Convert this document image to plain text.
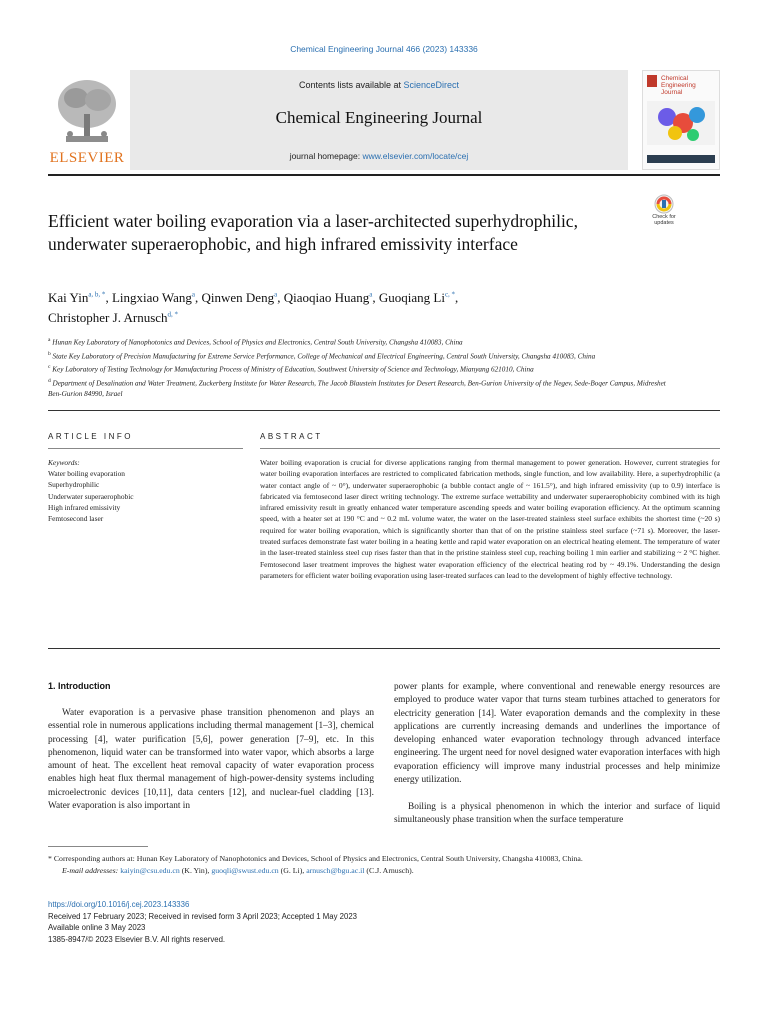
Chemical Engineering Journal 466 (2023) 143336
ELSEVIER
Contents lists available at ScienceDirect
Chemical Engineering Journal
journal homepage: www.elsevier.com/locate/cej
Chemical
Engineering
Journal
Check for
updates
Efficient water boiling evaporation via a laser-architected superhydrophilic, underwater superaerophobic, and high infrared emissivity interface
Kai Yin$^{a, b, *}$, Lingxiao Wang$^a$, Qinwen Deng$^a$, Qiaoqiao Huang$^a$, Guoqiang Li$^{c, *}$,
Christopher J. Arnusch$^{d, *}$
$^a$ Hunan Key Laboratory of Nanophotonics and Devices, School of Physics and Electronics, Central South University, Changsha 410083, China
$^b$ State Key Laboratory of Precision Manufacturing for Extreme Service Performance, College of Mechanical and Electrical Engineering, Central South University, Changsha 410083, China
$^c$ Key Laboratory of Testing Technology for Manufacturing Process of Ministry of Education, Southwest University of Science and Technology, Mianyang 621010, China
$^d$ Department of Desalination and Water Treatment, Zuckerberg Institute for Water Research, The Jacob Blaustein Institutes for Desert Research, Ben-Gurion University of the Negev, Sede-Boqer Campus, Midreshet Ben-Gurion 84990, Israel
ARTICLE INFO	ABSTRACT
Keywords:
Water boiling evaporation
Superhydrophilic
Underwater superaerophobic
High infrared emissivity
Femtosecond laser

Water boiling evaporation is crucial for diverse applications ranging from thermal management to power generation. However, current strategies for water boiling evaporation interfaces are restricted to complicated fabrication methods, single function, and low availability. Here, a superhydrophilic (a water contact angle of ~ 0°), underwater superaerophobic (a bubble contact angle of ~ 161.5°), and high infrared emissivity (up to 0.9) interface is fabricated via femtosecond laser direct writing technology. The extreme surface wettability and underwater superaerophobicity combined with its high infrared emissivity result in greatly enhanced water temperature ascending speeds and water boiling evaporation efficiency. At the optimum scanning speed, with a heater set at 190 °C and ~ 0.2 mL volume water, the water on the laser-treated stainless steel surface exhibits the shortest time (~20 s) required for water boiling evaporation, which is significantly shorter than that of on the pristine stainless steel surface (~71 s). Moreover, the laser-treated surfaces demonstrate fast water boiling in a heating kettle and rapid water evaporation on an electrical heating element. The temperature of water in the laser-treated stainless steel cup rises faster than that in the pristine stainless steel cup, reaching boiling 1 min earlier and stabilizing ~ 2 °C higher. Femtosecond laser treatment improves the highest water evaporation efficiency of the electrical heating rod by ~ 49.1%. Understanding the design parameters for efficient water boiling evaporation using laser-treated surfaces can lead to the development of highly effective technology.

1. Introduction

Water evaporation is a pervasive phase transition phenomenon and plays an essential role in numerous applications including thermal management [1–3], chemical processing [4], water purification [5,6], power generation [7–9], etc. In this phenomenon, liquid water can be transformed into water vapor, which absorbs a large amount of heat. The excellent heat removal capacity of water evaporation process enables high heat flux thermal management of high-power-density systems including microelectronic devices [10,11], data centers [12], and nuclear-fuel cladding [13]. Water evaporation is also important in

power plants for example, where conventional and renewable energy resources are employed to produce water vapor that turns steam turbines attached to generators for electricity generation [14]. Water evaporation demands and the complexity in these applications are currently increasing demands and underlines the importance of developing enhanced water evaporation technology through advanced interface engineering. The urgent need for novel designed water evaporation interfaces with high evaporation efficiency will improve many industrial processes and help minimize energy utilization.

Boiling is a physical phenomenon in which the interior and surface of liquid simultaneously phase transition when the surface temperature

* Corresponding authors at: Hunan Key Laboratory of Nanophotonics and Devices, School of Physics and Electronics, Central South University, Changsha 410083, China.
E-mail addresses: kaiyin@csu.edu.cn (K. Yin), guoqli@swust.edu.cn (G. Li), arnusch@bgu.ac.il (C.J. Arnusch).
https://doi.org/10.1016/j.cej.2023.143336
Received 17 February 2023; Received in revised form 3 April 2023; Accepted 1 May 2023
Available online 3 May 2023
1385-8947/© 2023 Elsevier B.V. All rights reserved.
